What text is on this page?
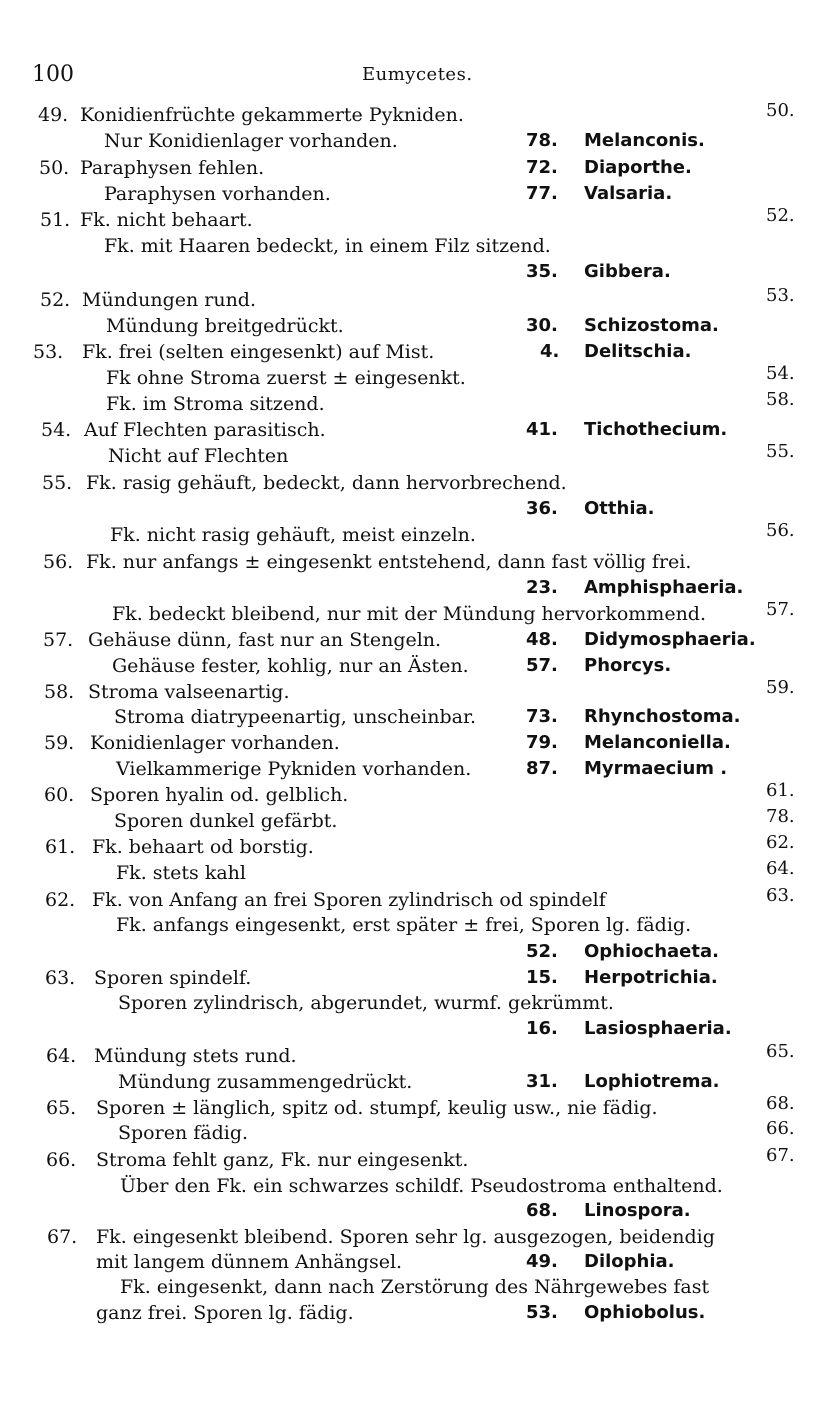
100	Eumycetes.
49. Konidienfrüchte gekammerte Pykniden.	50.
Nur Konidienlager vorhanden.	78. Melanconis.
50. Paraphysen fehlen.	72. Diaporthe.
Paraphysen vorhanden.	77. Valsaria.
51. Fk. nicht behaart.	52.
Fk. mit Haaren bedeckt, in einem Filz sitzend.
35. Gibbera.
52. Mündungen rund.	53.
Mündung breitgedrückt.	30. Schizostoma.
53. Fk. frei (selten eingesenkt) auf Mist.	4. Delitschia.
Fk ohne Stroma zuerst ± eingesenkt.	54.
Fk. im Stroma sitzend.	58.
54. Auf Flechten parasitisch.	41. Tichothecium.
Nicht auf Flechten	55.
55. Fk. rasig gehäuft, bedeckt, dann hervorbrechend.
36. Otthia.
Fk. nicht rasig gehäuft, meist einzeln.	56.
56. Fk. nur anfangs ± eingesenkt entstehend, dann fast völlig frei.
23. Amphisphaeria.
Fk. bedeckt bleibend, nur mit der Mündung hervorkommend.	57.
57. Gehäuse dünn, fast nur an Stengeln.	48. Didymosphaeria.
Gehäuse fester, kohlig, nur an Ästen.	57. Phorcys.
58. Stroma valseenartig.	59.
Stroma diatrypeenartig, unscheinbar.	73. Rhynchostoma.
59. Konidienlager vorhanden.	79. Melanconiella.
Vielkammerige Pykniden vorhanden.	87. Myrmaecium .
60. Sporen hyalin od. gelblich.	61.
Sporen dunkel gefärbt.	78.
61. Fk. behaart od borstig.	62.
Fk. stets kahl	64.
62. Fk. von Anfang an frei Sporen zylindrisch od spindelf	63.
Fk. anfangs eingesenkt, erst später ± frei, Sporen lg. fädig.
52. Ophiochaeta.
63. Sporen spindelf.	15. Herpotrichia.
Sporen zylindrisch, abgerundet, wurmf. gekrümmt.
16. Lasiosphaeria.
64. Mündung stets rund.	65.
Mündung zusammengedrückt.	31. Lophiotrema.
65. Sporen ± länglich, spitz od. stumpf, keulig usw., nie fädig.	68.
Sporen fädig.	66.
66. Stroma fehlt ganz, Fk. nur eingesenkt.	67.
Über den Fk. ein schwarzes schildf. Pseudostroma enthaltend.
68. Linospora.
67. Fk. eingesenkt bleibend. Sporen sehr lg. ausgezogen, beidendig
mit langem dünnem Anhängsel.	49. Dilophia.
Fk. eingesenkt, dann nach Zerstörung des Nährgewebes fast
ganz frei. Sporen lg. fädig.	53. Ophiobolus.
